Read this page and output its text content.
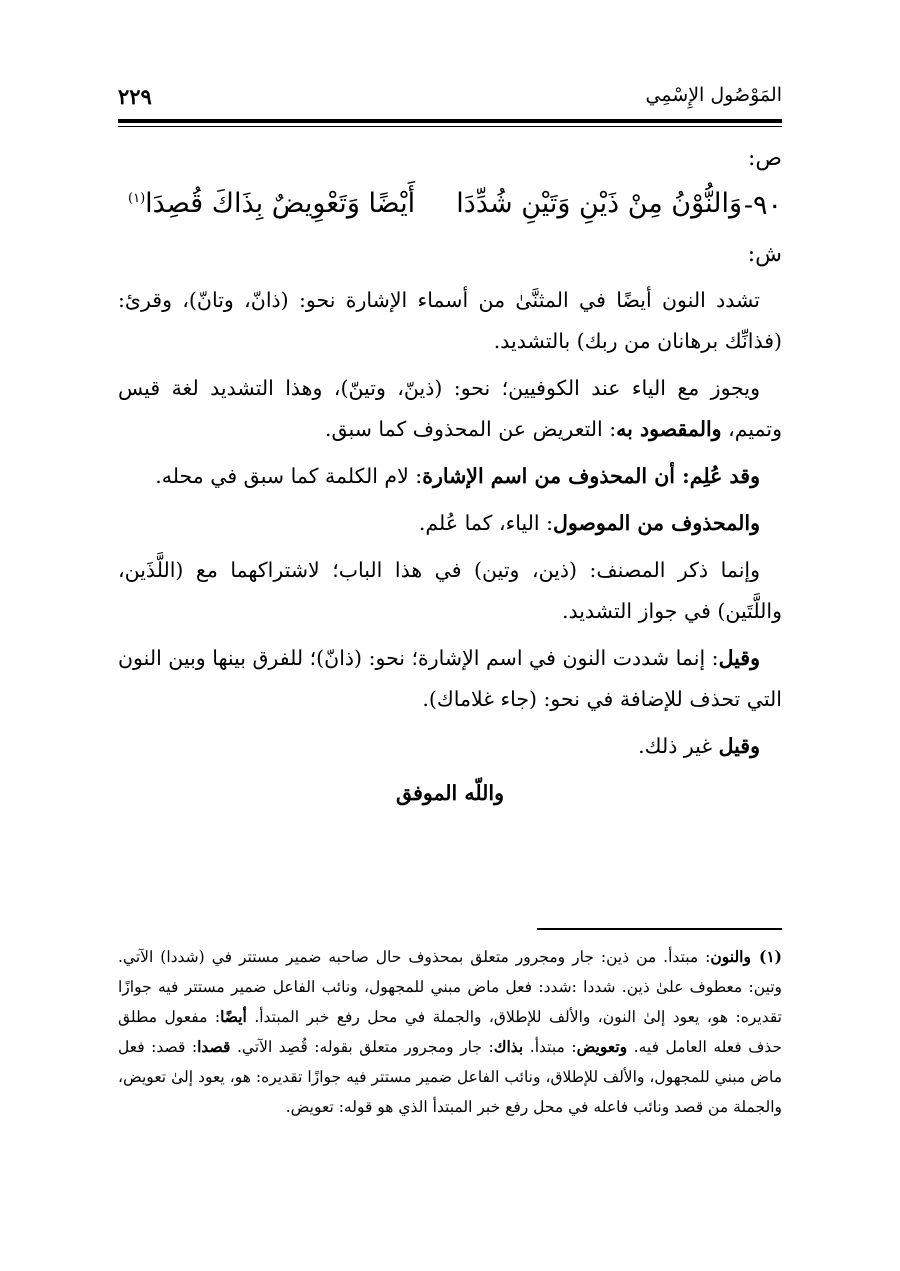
المَوْصُول الإِسْمِي
٢٢٩
ص:
٩٠-
وَالنُّوْنُ مِنْ ذَيْنِ وَتَيْنِ شُدِّدَا
أَيْضًا وَتَعْوِيضٌ بِذَاكَ قُصِدَا$^{(١)}$
ش:

تشدد النون أيضًا في المثنَّىٰ من أسماء الإشارة نحو: (ذانّ، وتانّ)، وقرئ: (فذانِّك برهانان من ربك) بالتشديد.

ويجوز مع الياء عند الكوفيين؛ نحو: (ذينّ، وتينّ)، وهذا التشديد لغة قيس وتميم، والمقصود به: التعريض عن المحذوف كما سبق.

وقد عُلِم: أن المحذوف من اسم الإشارة: لام الكلمة كما سبق في محله.

والمحذوف من الموصول: الياء، كما عُلم.

وإنما ذكر المصنف: (ذين، وتين) في هذا الباب؛ لاشتراكهما مع (اللَّذَين، واللَّتَين) في جواز التشديد.

وقيل: إنما شددت النون في اسم الإشارة؛ نحو: (ذانّ)؛ للفرق بينها وبين النون التي تحذف للإضافة في نحو: (جاء غلاماك).

وقيل غير ذلك.

واللّه الموفق

(١)والنون: مبتدأ. من ذين: جار ومجرور متعلق بمحذوف حال صاحبه ضمير مستتر في (شددا) الآتي. وتين: معطوف علىٰ ذين. شددا :شدد: فعل ماض مبني للمجهول، ونائب الفاعل ضمير مستتر فيه جوازًا تقديره: هو، يعود إلىٰ النون، والألف للإطلاق، والجملة في محل رفع خبر المبتدأ. أيضًا: مفعول مطلق حذف فعله العامل فيه. وتعويض: مبتدأ. بذاك: جار ومجرور متعلق بقوله: قُصِد الآتي. قصدا: قصد: فعل ماض مبني للمجهول، والألف للإطلاق، ونائب الفاعل ضمير مستتر فيه جوازًا تقديره: هو، يعود إلىٰ تعويض، والجملة من قصد ونائب فاعله في محل رفع خبر المبتدأ الذي هو قوله: تعويض.
